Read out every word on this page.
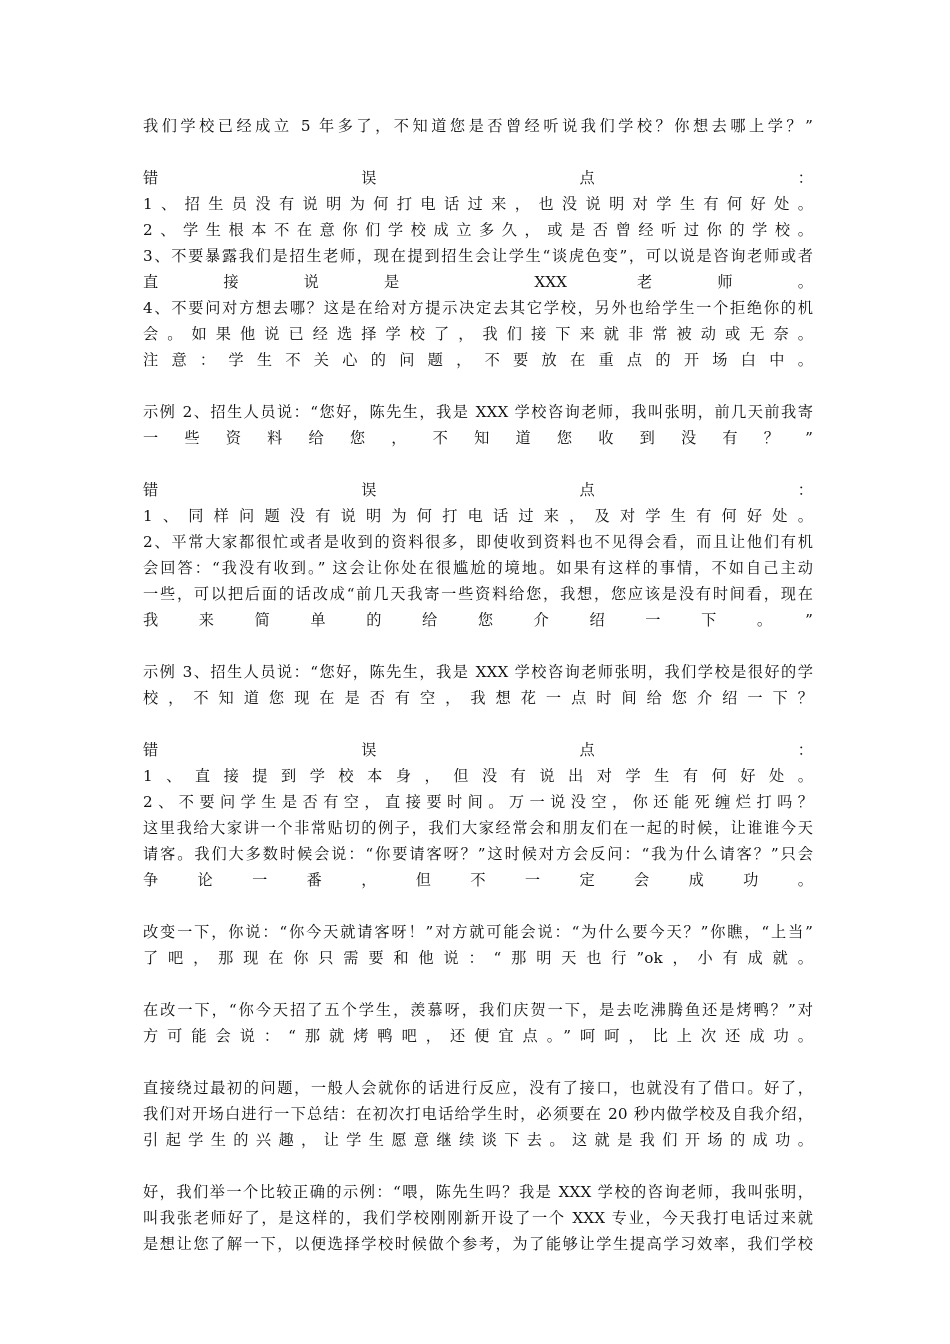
我们学校已经成立 5 年多了，不知道您是否曾经听说我们学校？你想去哪上学？”
错误点：
1、招生员没有说明为何打电话过来，也没说明对学生有何好处。
2、学生根本不在意你们学校成立多久，或是否曾经听过你的学校。
3、不要暴露我们是招生老师，现在提到招生会让学生“谈虎色变”，可以说是咨询老师或者
直接说是 XXX 老师。
4、不要问对方想去哪？这是在给对方提示决定去其它学校，另外也给学生一个拒绝你的机
会。如果他说已经选择学校了，我们接下来就非常被动或无奈。
注意：学生不关心的问题，不要放在重点的开场白中。
示例 2、招生人员说：“您好，陈先生，我是 XXX 学校咨询老师，我叫张明，前几天前我寄
一些资料给您，不知道您收到没有？”
错误点：
1、同样问题没有说明为何打电话过来，及对学生有何好处。
2、平常大家都很忙或者是收到的资料很多，即使收到资料也不见得会看，而且让他们有机
会回答：“我没有收到。” 这会让你处在很尴尬的境地。如果有这样的事情，不如自己主动
一些，可以把后面的话改成“前几天我寄一些资料给您，我想，您应该是没有时间看，现在
我来简单的给您介绍一下。”
示例 3、招生人员说：“您好，陈先生，我是 XXX 学校咨询老师张明，我们学校是很好的学
校，不知道您现在是否有空，我想花一点时间给您介绍一下？
错误点：
1、直接提到学校本身，但没有说出对学生有何好处。
2、不要问学生是否有空，直接要时间。万一说没空，你还能死缠烂打吗？
这里我给大家讲一个非常贴切的例子，我们大家经常会和朋友们在一起的时候，让谁谁今天
请客。我们大多数时候会说：“你要请客呀？”这时候对方会反问：“我为什么请客？”只会
争论一番，但不一定会成功。
改变一下，你说：“你今天就请客呀！”对方就可能会说：“为什么要今天？”你瞧，“上当”
了吧，那现在你只需要和他说：“那明天也行”ok，小有成就。
在改一下，“你今天招了五个学生，羡慕呀，我们庆贺一下，是去吃沸腾鱼还是烤鸭？”对
方可能会说：“那就烤鸭吧，还便宜点。”呵呵，比上次还成功。
直接绕过最初的问题，一般人会就你的话进行反应，没有了接口，也就没有了借口。好了，
我们对开场白进行一下总结：在初次打电话给学生时，必须要在 20 秒内做学校及自我介绍，
引起学生的兴趣，让学生愿意继续谈下去。这就是我们开场的成功。
好，我们举一个比较正确的示例：“喂，陈先生吗？我是 XXX 学校的咨询老师，我叫张明，
叫我张老师好了，是这样的，我们学校刚刚新开设了一个 XXX 专业，今天我打电话过来就
是想让您了解一下，以便选择学校时候做个参考，为了能够让学生提高学习效率，我们学校
